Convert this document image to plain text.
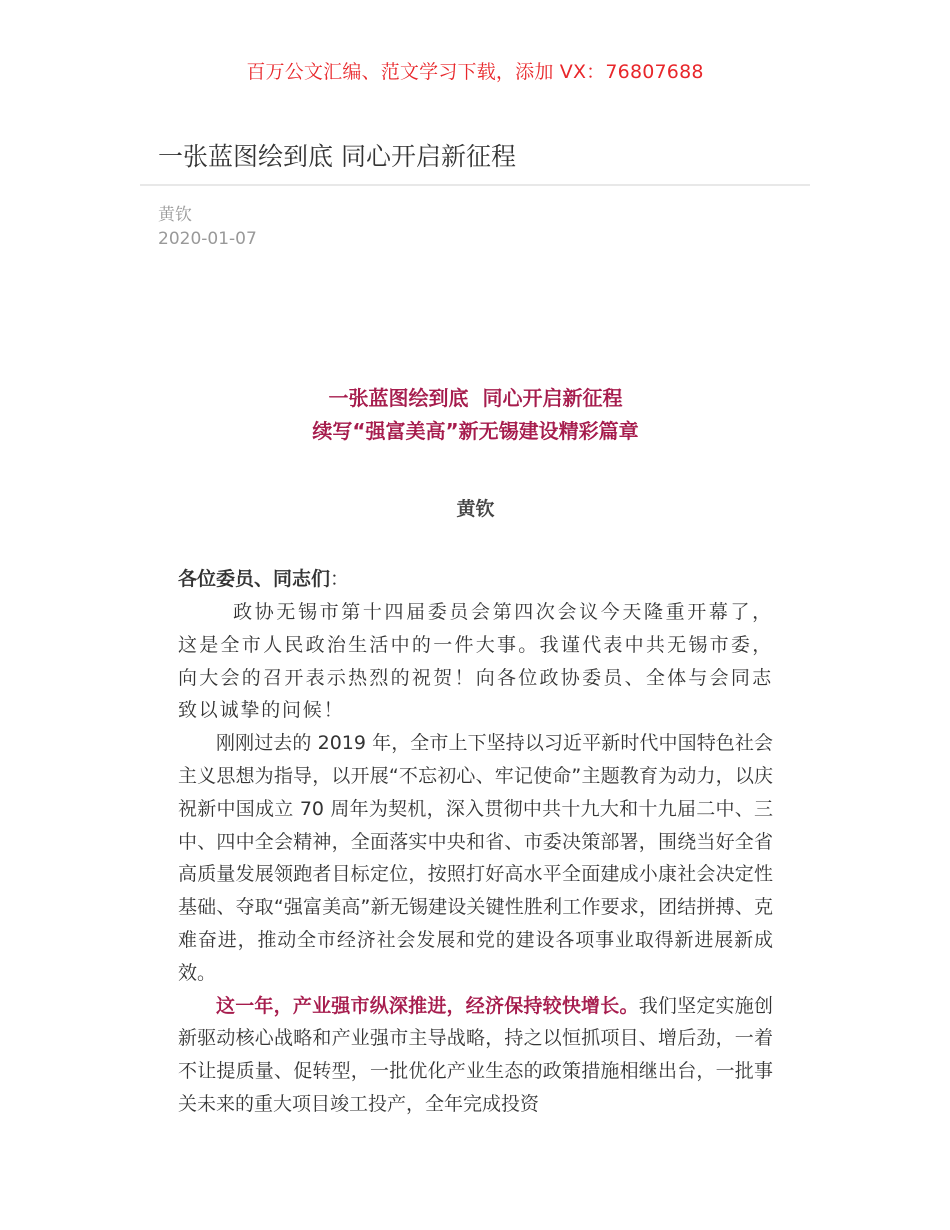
百万公文汇编、范文学习下载，添加 VX：76807688
一张蓝图绘到底 同心开启新征程
黄钦
2020-01-07

一张蓝图绘到底  同心开启新征程

续写“强富美高”新无锡建设精彩篇章

黄钦
各位委员、同志们：

政协无锡市第十四届委员会第四次会议今天隆重开幕了，这是全市人民政治生活中的一件大事。我谨代表中共无锡市委，向大会的召开表示热烈的祝贺！向各位政协委员、全体与会同志致以诚挚的问候！

刚刚过去的 2019 年，全市上下坚持以习近平新时代中国特色社会主义思想为指导，以开展“不忘初心、牢记使命”主题教育为动力，以庆祝新中国成立 70 周年为契机，深入贯彻中共十九大和十九届二中、三中、四中全会精神，全面落实中央和省、市委决策部署，围绕当好全省高质量发展领跑者目标定位，按照打好高水平全面建成小康社会决定性基础、夺取“强富美高”新无锡建设关键性胜利工作要求，团结拼搏、克难奋进，推动全市经济社会发展和党的建设各项事业取得新进展新成效。

这一年，产业强市纵深推进，经济保持较快增长。我们坚定实施创新驱动核心战略和产业强市主导战略，持之以恒抓项目、增后劲，一着不让提质量、促转型，一批优化产业生态的政策措施相继出台，一批事关未来的重大项目竣工投产，全年完成投资
